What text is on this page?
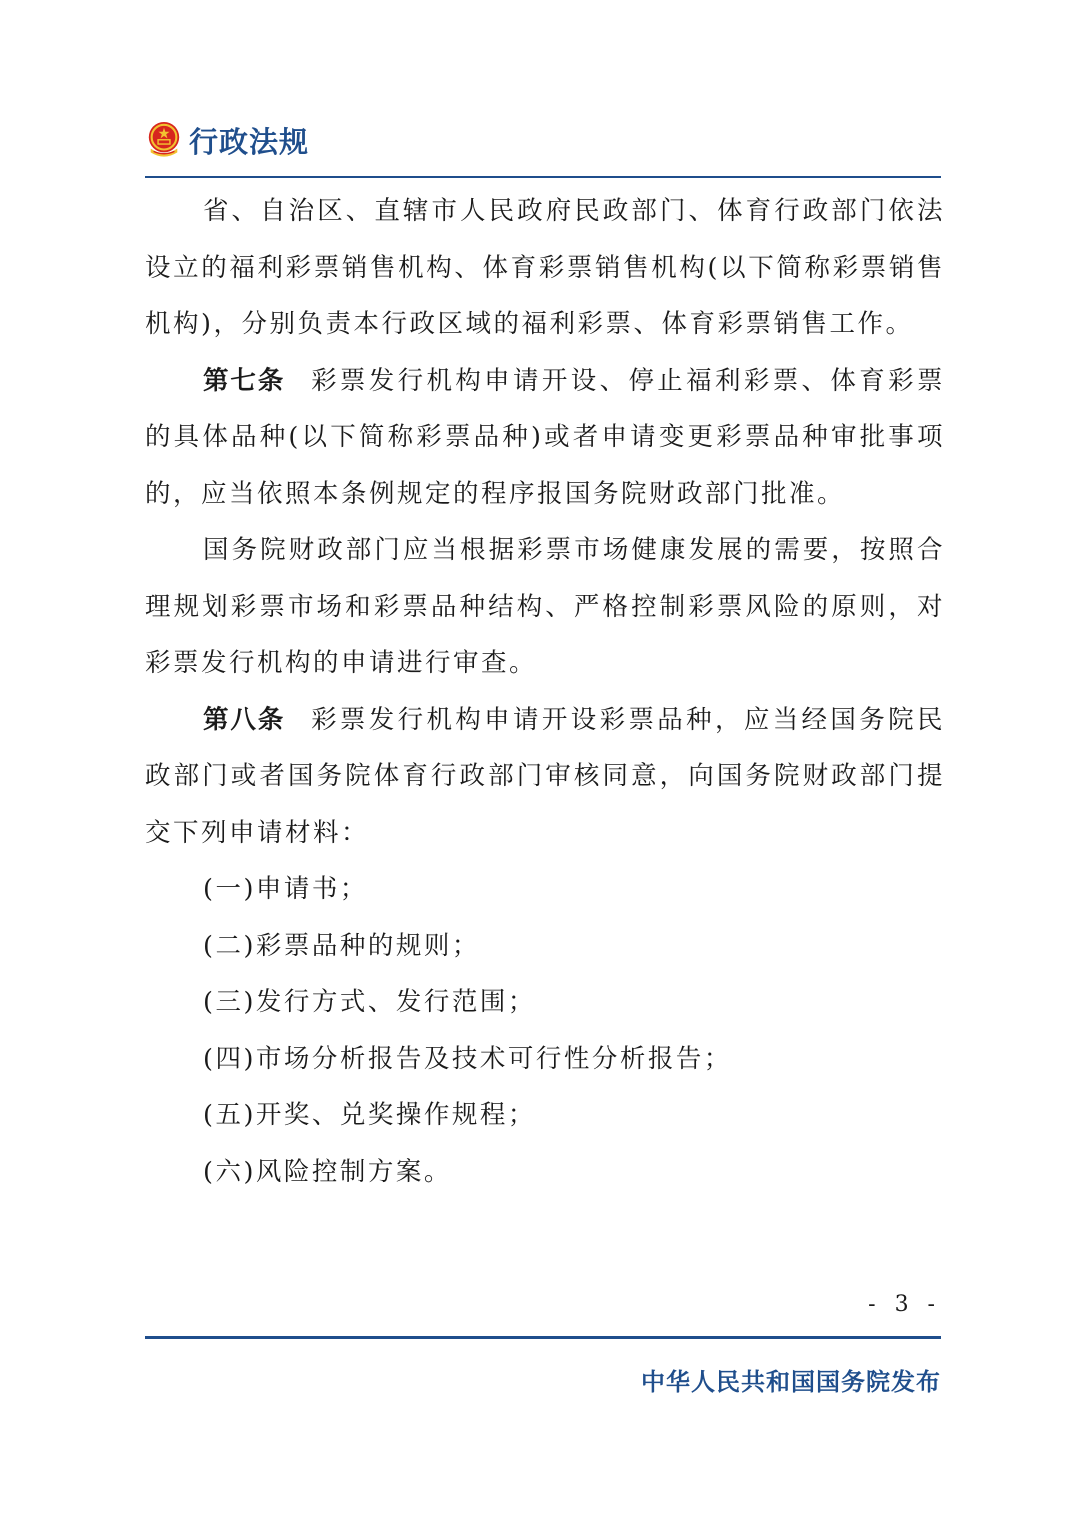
行政法规

省、自治区、直辖市人民政府民政部门、体育行政部门依法设立的福利彩票销售机构、体育彩票销售机构(以下简称彩票销售机构)，分别负责本行政区域的福利彩票、体育彩票销售工作。

第七条 彩票发行机构申请开设、停止福利彩票、体育彩票的具体品种(以下简称彩票品种)或者申请变更彩票品种审批事项的，应当依照本条例规定的程序报国务院财政部门批准。

国务院财政部门应当根据彩票市场健康发展的需要，按照合理规划彩票市场和彩票品种结构、严格控制彩票风险的原则，对彩票发行机构的申请进行审查。

第八条 彩票发行机构申请开设彩票品种，应当经国务院民政部门或者国务院体育行政部门审核同意，向国务院财政部门提交下列申请材料：

(一)申请书；

(二)彩票品种的规则；

(三)发行方式、发行范围；

(四)市场分析报告及技术可行性分析报告；

(五)开奖、兑奖操作规程；

(六)风险控制方案。

- 3 -
中华人民共和国国务院发布
